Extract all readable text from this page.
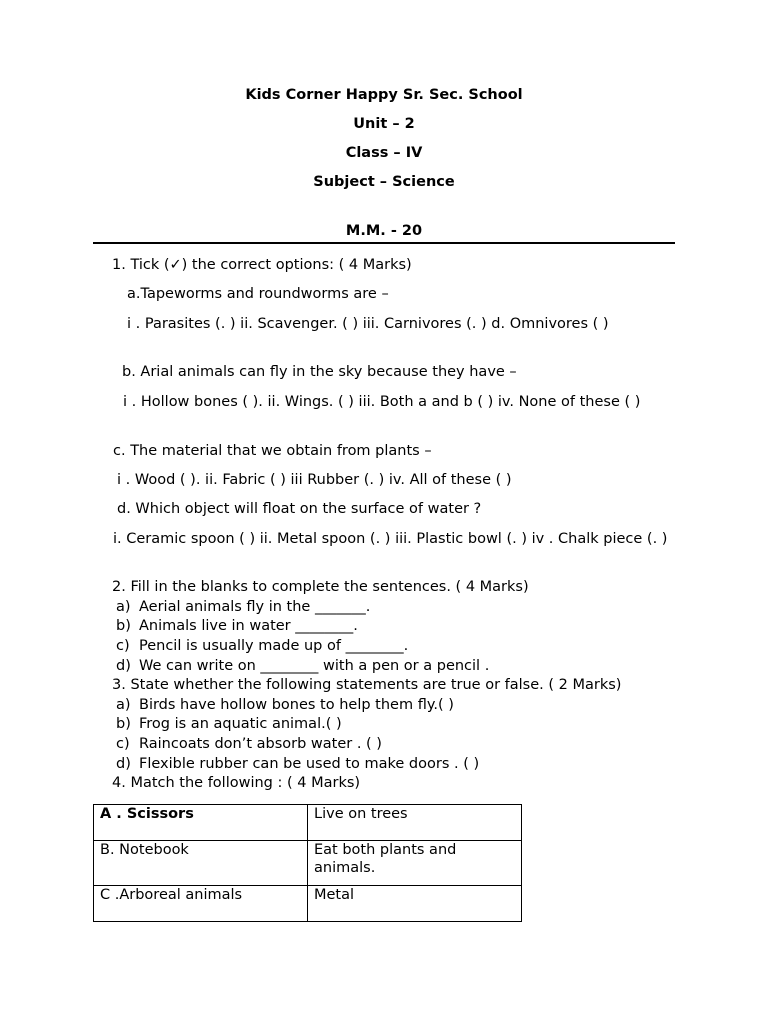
Kids Corner Happy Sr. Sec. School
Unit – 2
Class – IV
Subject – Science
M.M. - 20
1. Tick (✓) the correct options: ( 4 Marks)
a.Tapeworms and roundworms are –
i . Parasites (. ) ii. Scavenger. ( ) iii. Carnivores (. ) d. Omnivores ( )
b. Arial animals can fly in the sky because they have –
i . Hollow bones ( ). ii. Wings. ( ) iii. Both a and b ( ) iv. None of these ( )
c. The material that we obtain from plants –
i . Wood ( ). ii. Fabric ( ) iii Rubber (. ) iv. All of these ( )
d. Which object will float on the surface of water ?
i. Ceramic spoon ( ) ii. Metal spoon (. ) iii. Plastic bowl (. ) iv . Chalk piece (. )
2. Fill in the blanks to complete the sentences. ( 4 Marks)
a) Aerial animals fly in the _______.
b) Animals live in water ________.
c) Pencil is usually made up of ________.
d) We can write on ________ with a pen or a pencil .
3. State whether the following statements are true or false. ( 2 Marks)
a) Birds have hollow bones to help them fly.( )
b) Frog is an aquatic animal.( )
c) Raincoats don’t absorb water . ( )
d) Flexible rubber can be used to make doors . ( )
4. Match the following : ( 4 Marks)
A . Scissors	Live on trees
B. Notebook	Eat both plants and animals.
C .Arboreal animals	Metal
